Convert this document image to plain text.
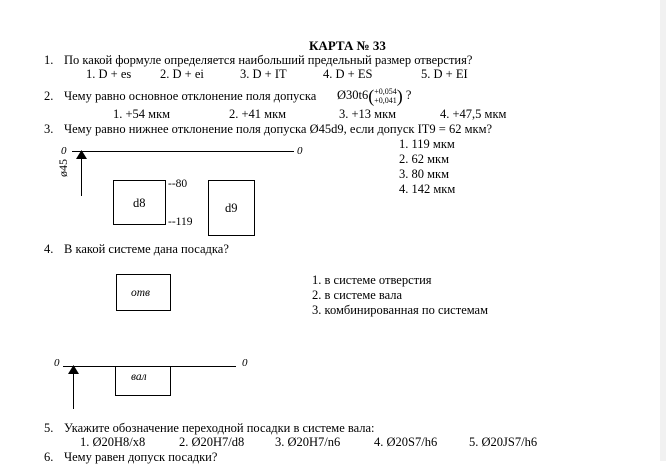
КАРТА № 33
1. По какой формуле определяется наибольший предельный размер отверстия?
1. D + es 2. D + ei	3. D + IT	4. D + ES	5. D + EI
2. Чему равно основное отклонение поля допуска Ø30t6( +0,054
+0,041 ) ?
1. +54 мкм	2. +41 мкм	3. +13 мкм	4. +47,5 мкм
3. Чему равно нижнее отклонение поля допуска Ø45d9, если допуск IT9 = 62 мкм?
0	0
ø45
d8
--80
--119
d9
1. 119 мкм
2. 62 мкм
3. 80 мкм
4. 142 мкм
4. В какой системе дана посадка?
1. в системе отверстия
2. в системе вала
3. комбинированная по системам
отв
0	0
вал
5. Укажите обозначение переходной посадки в системе вала:
1. Ø20H8/x8	2. Ø20H7/d8 3. Ø20H7/n6	4. Ø20S7/h6	5. Ø20JS7/h6
6. Чему равен допуск посадки?
